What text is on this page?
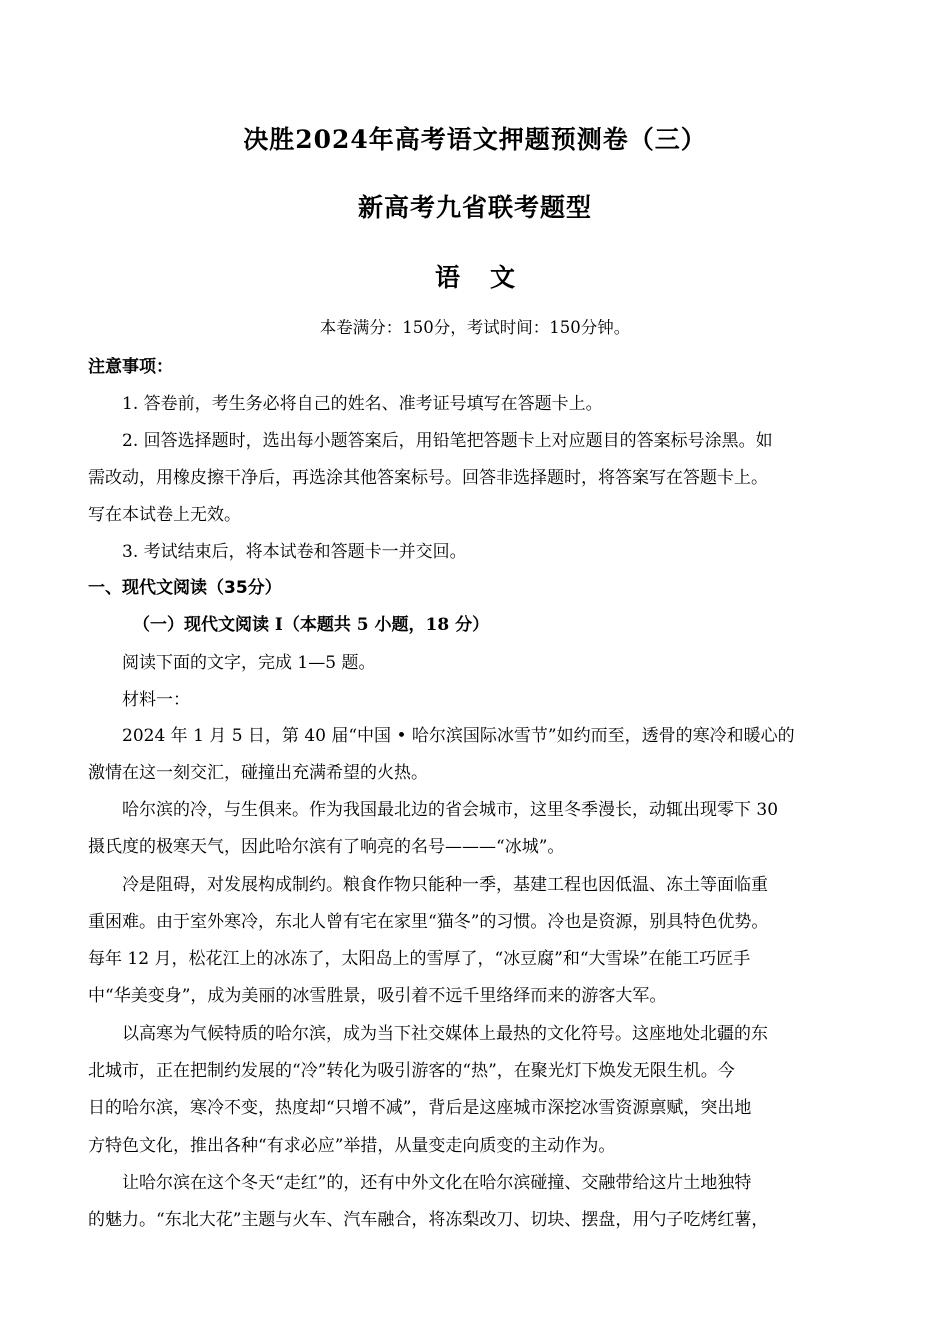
决胜2024年高考语文押题预测卷（三）
新高考九省联考题型
语文
本卷满分：150分，考试时间：150分钟。
注意事项：
1. 答卷前，考生务必将自己的姓名、准考证号填写在答题卡上。
2. 回答选择题时，选出每小题答案后，用铅笔把答题卡上对应题目的答案标号涂黑。如
需改动，用橡皮擦干净后，再选涂其他答案标号。回答非选择题时，将答案写在答题卡上。
写在本试卷上无效。
3. 考试结束后，将本试卷和答题卡一并交回。
一、现代文阅读（35分）
（一）现代文阅读 I（本题共 5 小题，18 分）
阅读下面的文字，完成 1—5 题。
材料一：
2024 年 1 月 5 日，第 40 届“中国 • 哈尔滨国际冰雪节”如约而至，透骨的寒冷和暖心的
激情在这一刻交汇，碰撞出充满希望的火热。
哈尔滨的冷，与生俱来。作为我国最北边的省会城市，这里冬季漫长，动辄出现零下 30
摄氏度的极寒天气，因此哈尔滨有了响亮的名号———“冰城”。
冷是阻碍，对发展构成制约。粮食作物只能种一季，基建工程也因低温、冻土等面临重
重困难。由于室外寒冷，东北人曾有宅在家里“猫冬”的习惯。冷也是资源，别具特色优势。
每年 12 月，松花江上的冰冻了，太阳岛上的雪厚了，“冰豆腐”和“大雪垛”在能工巧匠手
中“华美变身”，成为美丽的冰雪胜景，吸引着不远千里络绎而来的游客大军。
以高寒为气候特质的哈尔滨，成为当下社交媒体上最热的文化符号。这座地处北疆的东
北城市，正在把制约发展的“冷”转化为吸引游客的“热”，在聚光灯下焕发无限生机。今
日的哈尔滨，寒冷不变，热度却“只增不减”，背后是这座城市深挖冰雪资源禀赋，突出地
方特色文化，推出各种“有求必应”举措，从量变走向质变的主动作为。
让哈尔滨在这个冬天“走红”的，还有中外文化在哈尔滨碰撞、交融带给这片土地独特
的魅力。“东北大花”主题与火车、汽车融合，将冻梨改刀、切块、摆盘，用勺子吃烤红薯，
